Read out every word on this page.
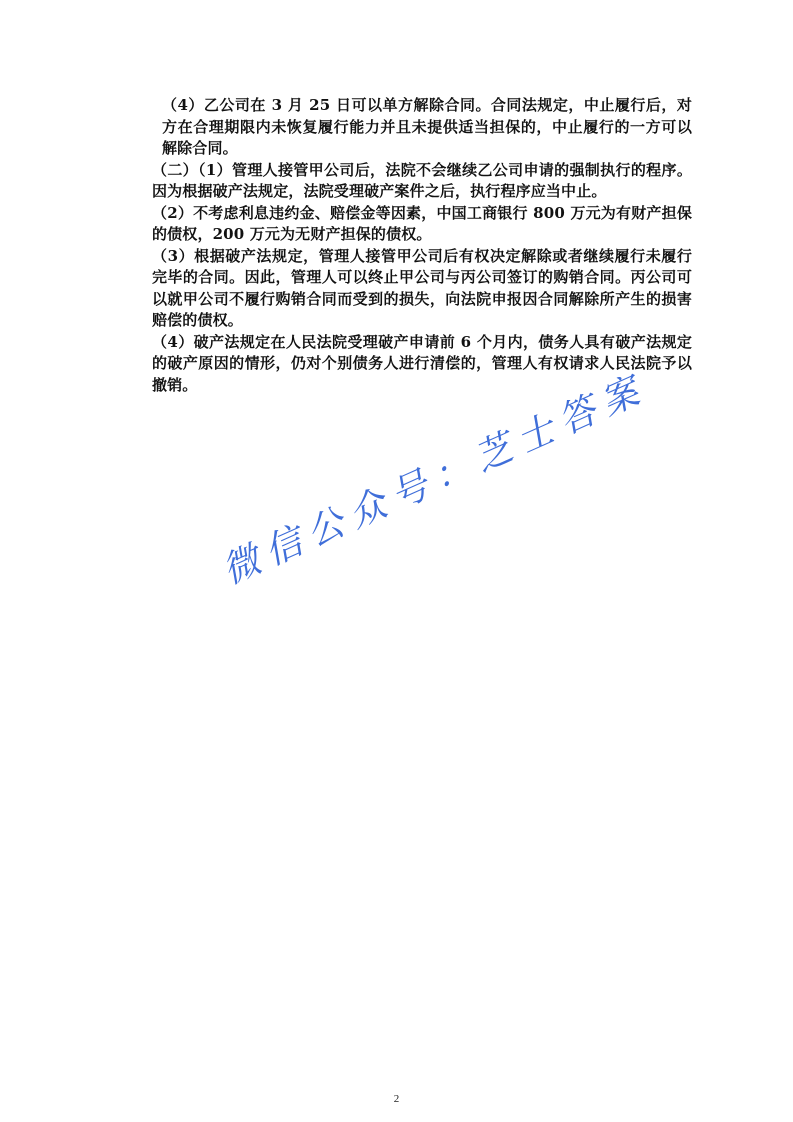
（4）乙公司在 3 月 25 日可以单方解除合同。合同法规定，中止履行后，对方在合理期限内未恢复履行能力并且未提供适当担保的，中止履行的一方可以解除合同。

（二）（1）管理人接管甲公司后，法院不会继续乙公司申请的强制执行的程序。因为根据破产法规定，法院受理破产案件之后，执行程序应当中止。

（2）不考虑利息违约金、赔偿金等因素，中国工商银行 800 万元为有财产担保的债权，200 万元为无财产担保的债权。

（3）根据破产法规定，管理人接管甲公司后有权决定解除或者继续履行未履行完毕的合同。因此，管理人可以终止甲公司与丙公司签订的购销合同。丙公司可以就甲公司不履行购销合同而受到的损失，向法院申报因合同解除所产生的损害赔偿的债权。

（4）破产法规定在人民法院受理破产申请前 6 个月内，债务人具有破产法规定的破产原因的情形，仍对个别债务人进行清偿的，管理人有权请求人民法院予以撤销。 微信公众号：芝士答案
2
